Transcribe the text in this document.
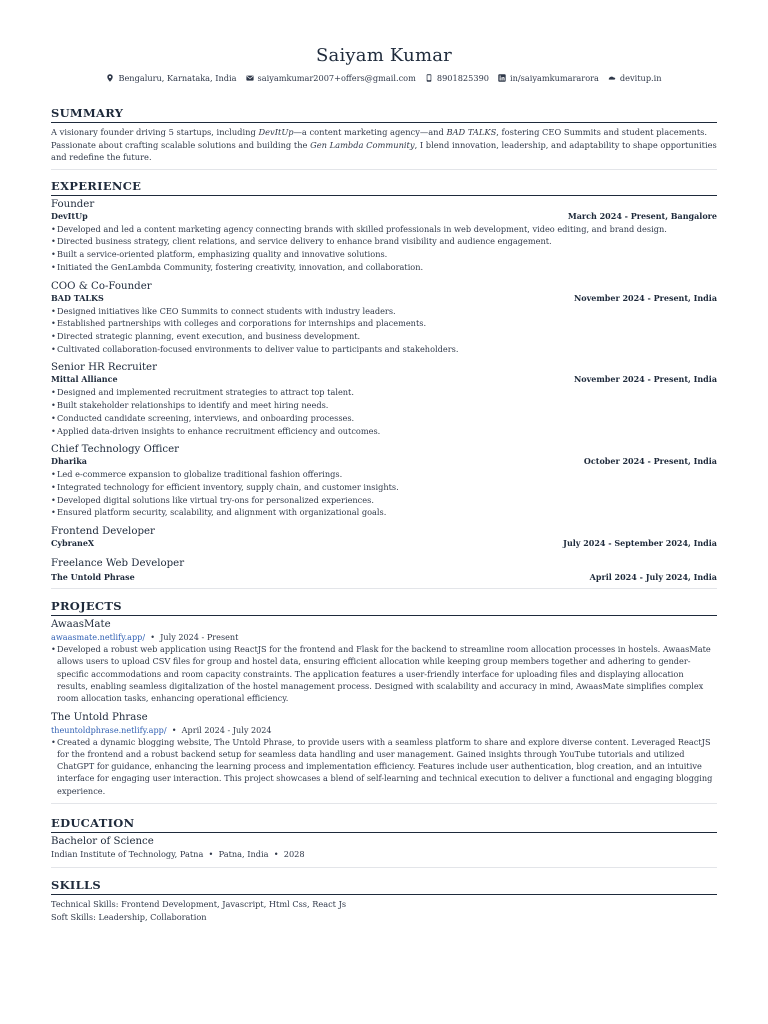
Saiyam Kumar
Bengaluru, Karnataka, India	saiyamkumar2007+offers@gmail.com	8901825390	in/saiyamkumararora	devitup.in
SUMMARY
A visionary founder driving 5 startups, including DevItUp—a content marketing agency—and BAD TALKS, fostering CEO Summits and student placements. Passionate about crafting scalable solutions and building the Gen Lambda Community, I blend innovation, leadership, and adaptability to shape opportunities and redefine the future.
EXPERIENCE
Founder
DevItUp	March 2024 - Present, Bangalore
• Developed and led a content marketing agency connecting brands with skilled professionals in web development, video editing, and brand design.
• Directed business strategy, client relations, and service delivery to enhance brand visibility and audience engagement.
• Built a service-oriented platform, emphasizing quality and innovative solutions.
• Initiated the GenLambda Community, fostering creativity, innovation, and collaboration.
COO & Co-Founder
BAD TALKS	November 2024 - Present, India
• Designed initiatives like CEO Summits to connect students with industry leaders.
• Established partnerships with colleges and corporations for internships and placements.
• Directed strategic planning, event execution, and business development.
• Cultivated collaboration-focused environments to deliver value to participants and stakeholders.
Senior HR Recruiter
Mittal Alliance	November 2024 - Present, India
• Designed and implemented recruitment strategies to attract top talent.
• Built stakeholder relationships to identify and meet hiring needs.
• Conducted candidate screening, interviews, and onboarding processes.
• Applied data-driven insights to enhance recruitment efficiency and outcomes.
Chief Technology Officer
Dharika	October 2024 - Present, India
• Led e-commerce expansion to globalize traditional fashion offerings.
• Integrated technology for efficient inventory, supply chain, and customer insights.
• Developed digital solutions like virtual try-ons for personalized experiences.
• Ensured platform security, scalability, and alignment with organizational goals.
Frontend Developer
CybraneX	July 2024 - September 2024, India
Freelance Web Developer
The Untold Phrase	April 2024 - July 2024, India
PROJECTS
AwaasMate
awaasmate.netlify.app/  •  July 2024 - Present
• Developed a robust web application using ReactJS for the frontend and Flask for the backend to streamline room allocation processes in hostels. AwaasMate allows users to upload CSV files for group and hostel data, ensuring efficient allocation while keeping group members together and adhering to gender-specific accommodations and room capacity constraints. The application features a user-friendly interface for uploading files and displaying allocation results, enabling seamless digitalization of the hostel management process. Designed with scalability and accuracy in mind, AwaasMate simplifies complex room allocation tasks, enhancing operational efficiency.
The Untold Phrase
theuntoldphrase.netlify.app/  •  April 2024 - July 2024
• Created a dynamic blogging website, The Untold Phrase, to provide users with a seamless platform to share and explore diverse content. Leveraged ReactJS for the frontend and a robust backend setup for seamless data handling and user management. Gained insights through YouTube tutorials and utilized ChatGPT for guidance, enhancing the learning process and implementation efficiency. Features include user authentication, blog creation, and an intuitive interface for engaging user interaction. This project showcases a blend of self-learning and technical execution to deliver a functional and engaging blogging experience.
EDUCATION
Bachelor of Science
Indian Institute of Technology, Patna  •  Patna, India  •  2028
SKILLS
Technical Skills: Frontend Development, Javascript, Html Css, React Js
Soft Skills: Leadership, Collaboration
